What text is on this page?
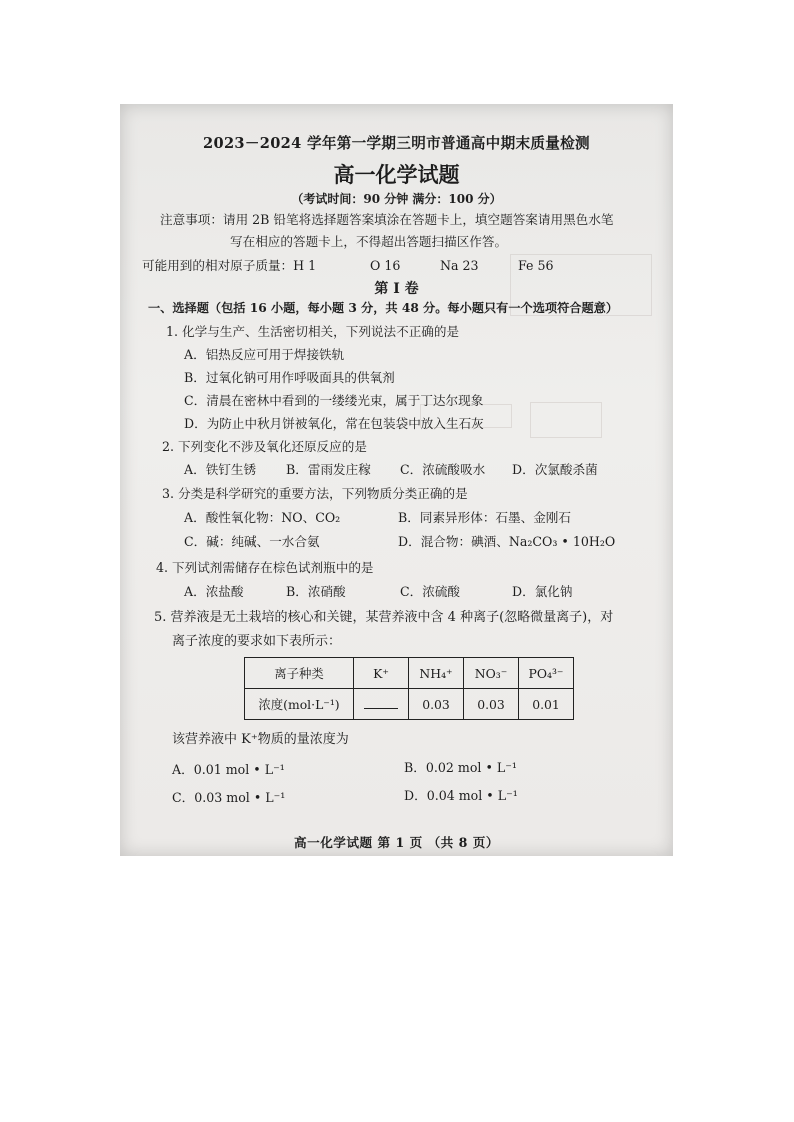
2023－2024 学年第一学期三明市普通高中期末质量检测
高一化学试题
（考试时间：90 分钟 满分：100 分）
注意事项：请用 2B 铅笔将选择题答案填涂在答题卡上，填空题答案请用黑色水笔
写在相应的答题卡上，不得超出答题扫描区作答。
可能用到的相对原子质量：H 1	O 16	Na 23	Fe 56
第 I 卷
一、选择题（包括 16 小题，每小题 3 分，共 48 分。每小题只有一个选项符合题意）
1. 化学与生产、生活密切相关，下列说法不正确的是
A．铝热反应可用于焊接铁轨
B．过氧化钠可用作呼吸面具的供氧剂
C．清晨在密林中看到的一缕缕光束，属于丁达尔现象
D．为防止中秋月饼被氧化，常在包装袋中放入生石灰
2. 下列变化不涉及氧化还原反应的是
A．铁钉生锈 B．雷雨发庄稼 C．浓硫酸吸水 D．次氯酸杀菌
3. 分类是科学研究的重要方法，下列物质分类正确的是
A．酸性氧化物：NO、CO₂	B．同素异形体：石墨、金刚石
C．碱：纯碱、一水合氨	D．混合物：碘酒、Na₂CO₃ • 10H₂O
4. 下列试剂需储存在棕色试剂瓶中的是
A．浓盐酸	B．浓硝酸	C．浓硫酸	D．氯化钠
5. 营养液是无土栽培的核心和关键，某营养液中含 4 种离子(忽略微量离子)，对
离子浓度的要求如下表所示：
离子种类	K⁺	NH₄⁺	NO₃⁻	PO₄³⁻
浓度(mol·L⁻¹)		0.03	0.03	0.01
该营养液中 K⁺物质的量浓度为
A．0.01 mol • L⁻¹	B．0.02 mol • L⁻¹
C．0.03 mol • L⁻¹	D．0.04 mol • L⁻¹
高一化学试题 第 1 页 （共 8 页）
